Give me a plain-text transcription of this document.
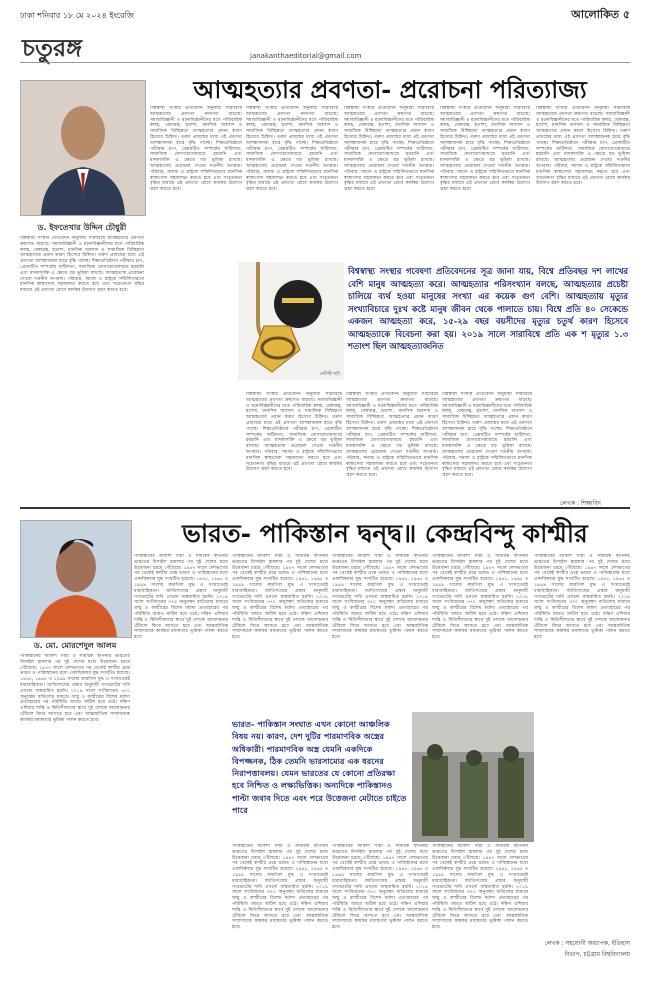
ঢাকা শনিবার ১৮ মে ২০২৪ ইংরেজি	আলোকিত ৫
চতুরঙ্গ	janakanthaeditorial@gmail.com
ড. ইফতেখার উদ্দিন চৌধুরী
আত্মহত্যার প্রবণতা- প্ররোচনা পরিত্যাজ্য

বিশ্বস্বাস্থ্য সংস্থার প্রতিবেদন অনুযায়ী সারাবিশ্বে আত্মহত্যার প্রবণতা ক্রমাগত বাড়ছে। সমাজবিজ্ঞানী ও মনোবিজ্ঞানীদের মতে পারিবারিক কলহ, বেকারত্ব, হতাশা, মানসিক অবসাদ ও সামাজিক বিচ্ছিন্নতা আত্মহত্যার প্রধান কারণ হিসেবে চিহ্নিত। তরুণ প্রজন্মের মধ্যে এই প্রবণতা আশঙ্কাজনক হারে বৃদ্ধি পাচ্ছে। শিক্ষাপ্রতিষ্ঠানে পরীক্ষার চাপ, প্রেমঘটিত সম্পর্কের জটিলতা, সামাজিক যোগাযোগমাধ্যমে হয়রানি এবং মাদকাসক্তি এ ক্ষেত্রে বড় ভূমিকা রাখছে। আত্মহত্যায় প্ররোচনা দেওয়া দণ্ডনীয় অপরাধ। পরিবার, সমাজ ও রাষ্ট্রকে সম্মিলিতভাবে মানসিক স্বাস্থ্যসেবা সহজলভ্য করতে হবে এবং সচেতনতা বৃদ্ধির মাধ্যমে এই প্রবণতা রোধে কার্যকর উদ্যোগ গ্রহণ করতে হবে।

বিশ্বস্বাস্থ্য সংস্থার প্রতিবেদন অনুযায়ী সারাবিশ্বে আত্মহত্যার প্রবণতা ক্রমাগত বাড়ছে। সমাজবিজ্ঞানী ও মনোবিজ্ঞানীদের মতে পারিবারিক কলহ, বেকারত্ব, হতাশা, মানসিক অবসাদ ও সামাজিক বিচ্ছিন্নতা আত্মহত্যার প্রধান কারণ হিসেবে চিহ্নিত। তরুণ প্রজন্মের মধ্যে এই প্রবণতা আশঙ্কাজনক হারে বৃদ্ধি পাচ্ছে। শিক্ষাপ্রতিষ্ঠানে পরীক্ষার চাপ, প্রেমঘটিত সম্পর্কের জটিলতা, সামাজিক যোগাযোগমাধ্যমে হয়রানি এবং মাদকাসক্তি এ ক্ষেত্রে বড় ভূমিকা রাখছে। আত্মহত্যায় প্ররোচনা দেওয়া দণ্ডনীয় অপরাধ। পরিবার, সমাজ ও রাষ্ট্রকে সম্মিলিতভাবে মানসিক স্বাস্থ্যসেবা সহজলভ্য করতে হবে এবং সচেতনতা বৃদ্ধির মাধ্যমে এই প্রবণতা রোধে কার্যকর উদ্যোগ গ্রহণ করতে হবে।

বিশ্বস্বাস্থ্য সংস্থার প্রতিবেদন অনুযায়ী সারাবিশ্বে আত্মহত্যার প্রবণতা ক্রমাগত বাড়ছে। সমাজবিজ্ঞানী ও মনোবিজ্ঞানীদের মতে পারিবারিক কলহ, বেকারত্ব, হতাশা, মানসিক অবসাদ ও সামাজিক বিচ্ছিন্নতা আত্মহত্যার প্রধান কারণ হিসেবে চিহ্নিত। তরুণ প্রজন্মের মধ্যে এই প্রবণতা আশঙ্কাজনক হারে বৃদ্ধি পাচ্ছে। শিক্ষাপ্রতিষ্ঠানে পরীক্ষার চাপ, প্রেমঘটিত সম্পর্কের জটিলতা, সামাজিক যোগাযোগমাধ্যমে হয়রানি এবং মাদকাসক্তি এ ক্ষেত্রে বড় ভূমিকা রাখছে। আত্মহত্যায় প্ররোচনা দেওয়া দণ্ডনীয় অপরাধ। পরিবার, সমাজ ও রাষ্ট্রকে সম্মিলিতভাবে মানসিক স্বাস্থ্যসেবা সহজলভ্য করতে হবে এবং সচেতনতা বৃদ্ধির মাধ্যমে এই প্রবণতা রোধে কার্যকর উদ্যোগ গ্রহণ করতে হবে।

বিশ্বস্বাস্থ্য সংস্থার প্রতিবেদন অনুযায়ী সারাবিশ্বে আত্মহত্যার প্রবণতা ক্রমাগত বাড়ছে। সমাজবিজ্ঞানী ও মনোবিজ্ঞানীদের মতে পারিবারিক কলহ, বেকারত্ব, হতাশা, মানসিক অবসাদ ও সামাজিক বিচ্ছিন্নতা আত্মহত্যার প্রধান কারণ হিসেবে চিহ্নিত। তরুণ প্রজন্মের মধ্যে এই প্রবণতা আশঙ্কাজনক হারে বৃদ্ধি পাচ্ছে। শিক্ষাপ্রতিষ্ঠানে পরীক্ষার চাপ, প্রেমঘটিত সম্পর্কের জটিলতা, সামাজিক যোগাযোগমাধ্যমে হয়রানি এবং মাদকাসক্তি এ ক্ষেত্রে বড় ভূমিকা রাখছে। আত্মহত্যায় প্ররোচনা দেওয়া দণ্ডনীয় অপরাধ। পরিবার, সমাজ ও রাষ্ট্রকে সম্মিলিতভাবে মানসিক স্বাস্থ্যসেবা সহজলভ্য করতে হবে এবং সচেতনতা বৃদ্ধির মাধ্যমে এই প্রবণতা রোধে কার্যকর উদ্যোগ গ্রহণ করতে হবে।

বিশ্বস্বাস্থ্য সংস্থার প্রতিবেদন অনুযায়ী সারাবিশ্বে আত্মহত্যার প্রবণতা ক্রমাগত বাড়ছে। সমাজবিজ্ঞানী ও মনোবিজ্ঞানীদের মতে পারিবারিক কলহ, বেকারত্ব, হতাশা, মানসিক অবসাদ ও সামাজিক বিচ্ছিন্নতা আত্মহত্যার প্রধান কারণ হিসেবে চিহ্নিত। তরুণ প্রজন্মের মধ্যে এই প্রবণতা আশঙ্কাজনক হারে বৃদ্ধি পাচ্ছে। শিক্ষাপ্রতিষ্ঠানে পরীক্ষার চাপ, প্রেমঘটিত সম্পর্কের জটিলতা, সামাজিক যোগাযোগমাধ্যমে হয়রানি এবং মাদকাসক্তি এ ক্ষেত্রে বড় ভূমিকা রাখছে। আত্মহত্যায় প্ররোচনা দেওয়া দণ্ডনীয় অপরাধ। পরিবার, সমাজ ও রাষ্ট্রকে সম্মিলিতভাবে মানসিক স্বাস্থ্যসেবা সহজলভ্য করতে হবে এবং সচেতনতা বৃদ্ধির মাধ্যমে এই প্রবণতা রোধে কার্যকর উদ্যোগ গ্রহণ করতে হবে।

বিশ্বস্বাস্থ্য সংস্থার প্রতিবেদন অনুযায়ী সারাবিশ্বে আত্মহত্যার প্রবণতা ক্রমাগত বাড়ছে। সমাজবিজ্ঞানী ও মনোবিজ্ঞানীদের মতে পারিবারিক কলহ, বেকারত্ব, হতাশা, মানসিক অবসাদ ও সামাজিক বিচ্ছিন্নতা আত্মহত্যার প্রধান কারণ হিসেবে চিহ্নিত। তরুণ প্রজন্মের মধ্যে এই প্রবণতা আশঙ্কাজনক হারে বৃদ্ধি পাচ্ছে। শিক্ষাপ্রতিষ্ঠানে পরীক্ষার চাপ, প্রেমঘটিত সম্পর্কের জটিলতা, সামাজিক যোগাযোগমাধ্যমে হয়রানি এবং মাদকাসক্তি এ ক্ষেত্রে বড় ভূমিকা রাখছে। আত্মহত্যায় প্ররোচনা দেওয়া দণ্ডনীয় অপরাধ। পরিবার, সমাজ ও রাষ্ট্রকে সম্মিলিতভাবে মানসিক স্বাস্থ্যসেবা সহজলভ্য করতে হবে এবং সচেতনতা বৃদ্ধির মাধ্যমে এই প্রবণতা রোধে কার্যকর উদ্যোগ গ্রহণ করতে হবে।

প্রতীকী ছবি
বিশ্বস্বাস্থ্য সংস্থার গবেষণা প্রতিবেদনের সূত্র জানা যায়, বিশ্বে প্রতিবছর দশ লাখের বেশি মানুষ আত্মহত্যা করে। আত্মহত্যার পরিসংখ্যান বলছে, আত্মহত্যার প্রচেষ্টা চালিয়ে ব্যর্থ হওয়া মানুষের সংখ্যা এর কয়েক গুণ বেশি। আত্মহত্যায় মৃত্যুর সংখ্যাবিচারে দুঃখ কষ্টে মানুষ জীবন থেকে পালাতে চায়। বিশ্বে প্রতি ৪০ সেকেন্ডে একজন আত্মহত্যা করে, ১৫-২৯ বছর বয়সীদের মৃত্যুর চতুর্থ কারণ হিসেবে আত্মহত্যাকে বিবেচনা করা হয়। ২০১৯ সালে সারাবিশ্বে প্রতি এক শ মৃত্যুর ১.৩ শতাংশ ছিল আত্মহত্যাজনিত

বিশ্বস্বাস্থ্য সংস্থার প্রতিবেদন অনুযায়ী সারাবিশ্বে আত্মহত্যার প্রবণতা ক্রমাগত বাড়ছে। সমাজবিজ্ঞানী ও মনোবিজ্ঞানীদের মতে পারিবারিক কলহ, বেকারত্ব, হতাশা, মানসিক অবসাদ ও সামাজিক বিচ্ছিন্নতা আত্মহত্যার প্রধান কারণ হিসেবে চিহ্নিত। তরুণ প্রজন্মের মধ্যে এই প্রবণতা আশঙ্কাজনক হারে বৃদ্ধি পাচ্ছে। শিক্ষাপ্রতিষ্ঠানে পরীক্ষার চাপ, প্রেমঘটিত সম্পর্কের জটিলতা, সামাজিক যোগাযোগমাধ্যমে হয়রানি এবং মাদকাসক্তি এ ক্ষেত্রে বড় ভূমিকা রাখছে। আত্মহত্যায় প্ররোচনা দেওয়া দণ্ডনীয় অপরাধ। পরিবার, সমাজ ও রাষ্ট্রকে সম্মিলিতভাবে মানসিক স্বাস্থ্যসেবা সহজলভ্য করতে হবে এবং সচেতনতা বৃদ্ধির মাধ্যমে এই প্রবণতা রোধে কার্যকর উদ্যোগ গ্রহণ করতে হবে।

বিশ্বস্বাস্থ্য সংস্থার প্রতিবেদন অনুযায়ী সারাবিশ্বে আত্মহত্যার প্রবণতা ক্রমাগত বাড়ছে। সমাজবিজ্ঞানী ও মনোবিজ্ঞানীদের মতে পারিবারিক কলহ, বেকারত্ব, হতাশা, মানসিক অবসাদ ও সামাজিক বিচ্ছিন্নতা আত্মহত্যার প্রধান কারণ হিসেবে চিহ্নিত। তরুণ প্রজন্মের মধ্যে এই প্রবণতা আশঙ্কাজনক হারে বৃদ্ধি পাচ্ছে। শিক্ষাপ্রতিষ্ঠানে পরীক্ষার চাপ, প্রেমঘটিত সম্পর্কের জটিলতা, সামাজিক যোগাযোগমাধ্যমে হয়রানি এবং মাদকাসক্তি এ ক্ষেত্রে বড় ভূমিকা রাখছে। আত্মহত্যায় প্ররোচনা দেওয়া দণ্ডনীয় অপরাধ। পরিবার, সমাজ ও রাষ্ট্রকে সম্মিলিতভাবে মানসিক স্বাস্থ্যসেবা সহজলভ্য করতে হবে এবং সচেতনতা বৃদ্ধির মাধ্যমে এই প্রবণতা রোধে কার্যকর উদ্যোগ গ্রহণ করতে হবে।

বিশ্বস্বাস্থ্য সংস্থার প্রতিবেদন অনুযায়ী সারাবিশ্বে আত্মহত্যার প্রবণতা ক্রমাগত বাড়ছে। সমাজবিজ্ঞানী ও মনোবিজ্ঞানীদের মতে পারিবারিক কলহ, বেকারত্ব, হতাশা, মানসিক অবসাদ ও সামাজিক বিচ্ছিন্নতা আত্মহত্যার প্রধান কারণ হিসেবে চিহ্নিত। তরুণ প্রজন্মের মধ্যে এই প্রবণতা আশঙ্কাজনক হারে বৃদ্ধি পাচ্ছে। শিক্ষাপ্রতিষ্ঠানে পরীক্ষার চাপ, প্রেমঘটিত সম্পর্কের জটিলতা, সামাজিক যোগাযোগমাধ্যমে হয়রানি এবং মাদকাসক্তি এ ক্ষেত্রে বড় ভূমিকা রাখছে। আত্মহত্যায় প্ররোচনা দেওয়া দণ্ডনীয় অপরাধ। পরিবার, সমাজ ও রাষ্ট্রকে সম্মিলিতভাবে মানসিক স্বাস্থ্যসেবা সহজলভ্য করতে হবে এবং সচেতনতা বৃদ্ধির মাধ্যমে এই প্রবণতা রোধে কার্যকর উদ্যোগ গ্রহণ করতে হবে।

লেখক : শিক্ষাবিদ
ড. মো. মোরশেদুল আলম
ভারত- পাকিস্তান দ্বন্দ্ব॥ কেন্দ্রবিন্দু কাশ্মীর

পাকিস্তানের আকাশ সীমা ও সামরিক স্থাপনায় ভারতের মিসাইল হামলার পর দুই দেশের মধ্যে উত্তেজনা চরমে পৌঁছেছে। ১৯৪৭ সালে দেশভাগের পর থেকেই কাশ্মীর প্রশ্নে ভারত ও পাকিস্তানের মধ্যে একাধিকবার যুদ্ধ সংঘটিত হয়েছে। ১৯৪৮, ১৯৬৫ ও ১৯৯৯ সালের কারগিল যুদ্ধ এ সংঘাতেরই ধারাবাহিকতা। জাতিসংঘের প্রস্তাব অনুযায়ী গণভোটের দাবি এখনো বাস্তবায়িত হয়নি। ২০১৯ সালে সংবিধানের ৩৭০ অনুচ্ছেদ বাতিলের মাধ্যমে জম্মু ও কাশ্মীরের বিশেষ মর্যাদা প্রত্যাহারের পর পরিস্থিতি আরও জটিল হয়ে ওঠে। দক্ষিণ এশিয়ার শান্তি ও স্থিতিশীলতার স্বার্থে দুই দেশকে আলোচনার টেবিলে ফিরে আসতে হবে এবং আন্তর্জাতিক সম্প্রদায়কে কার্যকর মধ্যস্থতার ভূমিকা পালন করতে হবে।

পাকিস্তানের আকাশ সীমা ও সামরিক স্থাপনায় ভারতের মিসাইল হামলার পর দুই দেশের মধ্যে উত্তেজনা চরমে পৌঁছেছে। ১৯৪৭ সালে দেশভাগের পর থেকেই কাশ্মীর প্রশ্নে ভারত ও পাকিস্তানের মধ্যে একাধিকবার যুদ্ধ সংঘটিত হয়েছে। ১৯৪৮, ১৯৬৫ ও ১৯৯৯ সালের কারগিল যুদ্ধ এ সংঘাতেরই ধারাবাহিকতা। জাতিসংঘের প্রস্তাব অনুযায়ী গণভোটের দাবি এখনো বাস্তবায়িত হয়নি। ২০১৯ সালে সংবিধানের ৩৭০ অনুচ্ছেদ বাতিলের মাধ্যমে জম্মু ও কাশ্মীরের বিশেষ মর্যাদা প্রত্যাহারের পর পরিস্থিতি আরও জটিল হয়ে ওঠে। দক্ষিণ এশিয়ার শান্তি ও স্থিতিশীলতার স্বার্থে দুই দেশকে আলোচনার টেবিলে ফিরে আসতে হবে এবং আন্তর্জাতিক সম্প্রদায়কে কার্যকর মধ্যস্থতার ভূমিকা পালন করতে হবে।

পাকিস্তানের আকাশ সীমা ও সামরিক স্থাপনায় ভারতের মিসাইল হামলার পর দুই দেশের মধ্যে উত্তেজনা চরমে পৌঁছেছে। ১৯৪৭ সালে দেশভাগের পর থেকেই কাশ্মীর প্রশ্নে ভারত ও পাকিস্তানের মধ্যে একাধিকবার যুদ্ধ সংঘটিত হয়েছে। ১৯৪৮, ১৯৬৫ ও ১৯৯৯ সালের কারগিল যুদ্ধ এ সংঘাতেরই ধারাবাহিকতা। জাতিসংঘের প্রস্তাব অনুযায়ী গণভোটের দাবি এখনো বাস্তবায়িত হয়নি। ২০১৯ সালে সংবিধানের ৩৭০ অনুচ্ছেদ বাতিলের মাধ্যমে জম্মু ও কাশ্মীরের বিশেষ মর্যাদা প্রত্যাহারের পর পরিস্থিতি আরও জটিল হয়ে ওঠে। দক্ষিণ এশিয়ার শান্তি ও স্থিতিশীলতার স্বার্থে দুই দেশকে আলোচনার টেবিলে ফিরে আসতে হবে এবং আন্তর্জাতিক সম্প্রদায়কে কার্যকর মধ্যস্থতার ভূমিকা পালন করতে হবে।

পাকিস্তানের আকাশ সীমা ও সামরিক স্থাপনায় ভারতের মিসাইল হামলার পর দুই দেশের মধ্যে উত্তেজনা চরমে পৌঁছেছে। ১৯৪৭ সালে দেশভাগের পর থেকেই কাশ্মীর প্রশ্নে ভারত ও পাকিস্তানের মধ্যে একাধিকবার যুদ্ধ সংঘটিত হয়েছে। ১৯৪৮, ১৯৬৫ ও ১৯৯৯ সালের কারগিল যুদ্ধ এ সংঘাতেরই ধারাবাহিকতা। জাতিসংঘের প্রস্তাব অনুযায়ী গণভোটের দাবি এখনো বাস্তবায়িত হয়নি। ২০১৯ সালে সংবিধানের ৩৭০ অনুচ্ছেদ বাতিলের মাধ্যমে জম্মু ও কাশ্মীরের বিশেষ মর্যাদা প্রত্যাহারের পর পরিস্থিতি আরও জটিল হয়ে ওঠে। দক্ষিণ এশিয়ার শান্তি ও স্থিতিশীলতার স্বার্থে দুই দেশকে আলোচনার টেবিলে ফিরে আসতে হবে এবং আন্তর্জাতিক সম্প্রদায়কে কার্যকর মধ্যস্থতার ভূমিকা পালন করতে হবে।

পাকিস্তানের আকাশ সীমা ও সামরিক স্থাপনায় ভারতের মিসাইল হামলার পর দুই দেশের মধ্যে উত্তেজনা চরমে পৌঁছেছে। ১৯৪৭ সালে দেশভাগের পর থেকেই কাশ্মীর প্রশ্নে ভারত ও পাকিস্তানের মধ্যে একাধিকবার যুদ্ধ সংঘটিত হয়েছে। ১৯৪৮, ১৯৬৫ ও ১৯৯৯ সালের কারগিল যুদ্ধ এ সংঘাতেরই ধারাবাহিকতা। জাতিসংঘের প্রস্তাব অনুযায়ী গণভোটের দাবি এখনো বাস্তবায়িত হয়নি। ২০১৯ সালে সংবিধানের ৩৭০ অনুচ্ছেদ বাতিলের মাধ্যমে জম্মু ও কাশ্মীরের বিশেষ মর্যাদা প্রত্যাহারের পর পরিস্থিতি আরও জটিল হয়ে ওঠে। দক্ষিণ এশিয়ার শান্তি ও স্থিতিশীলতার স্বার্থে দুই দেশকে আলোচনার টেবিলে ফিরে আসতে হবে এবং আন্তর্জাতিক সম্প্রদায়কে কার্যকর মধ্যস্থতার ভূমিকা পালন করতে হবে।

পাকিস্তানের আকাশ সীমা ও সামরিক স্থাপনায় ভারতের মিসাইল হামলার পর দুই দেশের মধ্যে উত্তেজনা চরমে পৌঁছেছে। ১৯৪৭ সালে দেশভাগের পর থেকেই কাশ্মীর প্রশ্নে ভারত ও পাকিস্তানের মধ্যে একাধিকবার যুদ্ধ সংঘটিত হয়েছে। ১৯৪৮, ১৯৬৫ ও ১৯৯৯ সালের কারগিল যুদ্ধ এ সংঘাতেরই ধারাবাহিকতা। জাতিসংঘের প্রস্তাব অনুযায়ী গণভোটের দাবি এখনো বাস্তবায়িত হয়নি। ২০১৯ সালে সংবিধানের ৩৭০ অনুচ্ছেদ বাতিলের মাধ্যমে জম্মু ও কাশ্মীরের বিশেষ মর্যাদা প্রত্যাহারের পর পরিস্থিতি আরও জটিল হয়ে ওঠে। দক্ষিণ এশিয়ার শান্তি ও স্থিতিশীলতার স্বার্থে দুই দেশকে আলোচনার টেবিলে ফিরে আসতে হবে এবং আন্তর্জাতিক সম্প্রদায়কে কার্যকর মধ্যস্থতার ভূমিকা পালন করতে হবে।

ভারত- পাকিস্তান সংঘাত এখন কোনো আঞ্চলিক বিষয় নয়। কারণ, দেশ দুটির পারমাণবিক অস্ত্রের অধিকারী। পারমাণবিক অস্ত্র যেমনি একদিকে বিপজ্জনক, ঠিক তেমনি ভারসাম্যের এক ধরনের নিরাপত্তাবলয়। যেমন ভারতের যে কোনো প্রতিরক্ষা হবে নিশ্চিত ও লক্ষ্যভিত্তিক। অন্যদিকে পাকিস্তানও পাল্টা জবাব দিতে এবং পরে উত্তেজনা মেটাতে চাইতে পারে

পাকিস্তানের আকাশ সীমা ও সামরিক স্থাপনায় ভারতের মিসাইল হামলার পর দুই দেশের মধ্যে উত্তেজনা চরমে পৌঁছেছে। ১৯৪৭ সালে দেশভাগের পর থেকেই কাশ্মীর প্রশ্নে ভারত ও পাকিস্তানের মধ্যে একাধিকবার যুদ্ধ সংঘটিত হয়েছে। ১৯৪৮, ১৯৬৫ ও ১৯৯৯ সালের কারগিল যুদ্ধ এ সংঘাতেরই ধারাবাহিকতা। জাতিসংঘের প্রস্তাব অনুযায়ী গণভোটের দাবি এখনো বাস্তবায়িত হয়নি। ২০১৯ সালে সংবিধানের ৩৭০ অনুচ্ছেদ বাতিলের মাধ্যমে জম্মু ও কাশ্মীরের বিশেষ মর্যাদা প্রত্যাহারের পর পরিস্থিতি আরও জটিল হয়ে ওঠে। দক্ষিণ এশিয়ার শান্তি ও স্থিতিশীলতার স্বার্থে দুই দেশকে আলোচনার টেবিলে ফিরে আসতে হবে এবং আন্তর্জাতিক সম্প্রদায়কে কার্যকর মধ্যস্থতার ভূমিকা পালন করতে হবে।

পাকিস্তানের আকাশ সীমা ও সামরিক স্থাপনায় ভারতের মিসাইল হামলার পর দুই দেশের মধ্যে উত্তেজনা চরমে পৌঁছেছে। ১৯৪৭ সালে দেশভাগের পর থেকেই কাশ্মীর প্রশ্নে ভারত ও পাকিস্তানের মধ্যে একাধিকবার যুদ্ধ সংঘটিত হয়েছে। ১৯৪৮, ১৯৬৫ ও ১৯৯৯ সালের কারগিল যুদ্ধ এ সংঘাতেরই ধারাবাহিকতা। জাতিসংঘের প্রস্তাব অনুযায়ী গণভোটের দাবি এখনো বাস্তবায়িত হয়নি। ২০১৯ সালে সংবিধানের ৩৭০ অনুচ্ছেদ বাতিলের মাধ্যমে জম্মু ও কাশ্মীরের বিশেষ মর্যাদা প্রত্যাহারের পর পরিস্থিতি আরও জটিল হয়ে ওঠে। দক্ষিণ এশিয়ার শান্তি ও স্থিতিশীলতার স্বার্থে দুই দেশকে আলোচনার টেবিলে ফিরে আসতে হবে এবং আন্তর্জাতিক সম্প্রদায়কে কার্যকর মধ্যস্থতার ভূমিকা পালন করতে হবে।

পাকিস্তানের আকাশ সীমা ও সামরিক স্থাপনায় ভারতের মিসাইল হামলার পর দুই দেশের মধ্যে উত্তেজনা চরমে পৌঁছেছে। ১৯৪৭ সালে দেশভাগের পর থেকেই কাশ্মীর প্রশ্নে ভারত ও পাকিস্তানের মধ্যে একাধিকবার যুদ্ধ সংঘটিত হয়েছে। ১৯৪৮, ১৯৬৫ ও ১৯৯৯ সালের কারগিল যুদ্ধ এ সংঘাতেরই ধারাবাহিকতা। জাতিসংঘের প্রস্তাব অনুযায়ী গণভোটের দাবি এখনো বাস্তবায়িত হয়নি। ২০১৯ সালে সংবিধানের ৩৭০ অনুচ্ছেদ বাতিলের মাধ্যমে জম্মু ও কাশ্মীরের বিশেষ মর্যাদা প্রত্যাহারের পর পরিস্থিতি আরও জটিল হয়ে ওঠে। দক্ষিণ এশিয়ার শান্তি ও স্থিতিশীলতার স্বার্থে দুই দেশকে আলোচনার টেবিলে ফিরে আসতে হবে এবং আন্তর্জাতিক সম্প্রদায়কে কার্যকর মধ্যস্থতার ভূমিকা পালন করতে হবে।

লেখক : সহযোগী অধ্যাপক, ইতিহাস বিভাগ, চট্টগ্রাম বিশ্ববিদ্যালয়
